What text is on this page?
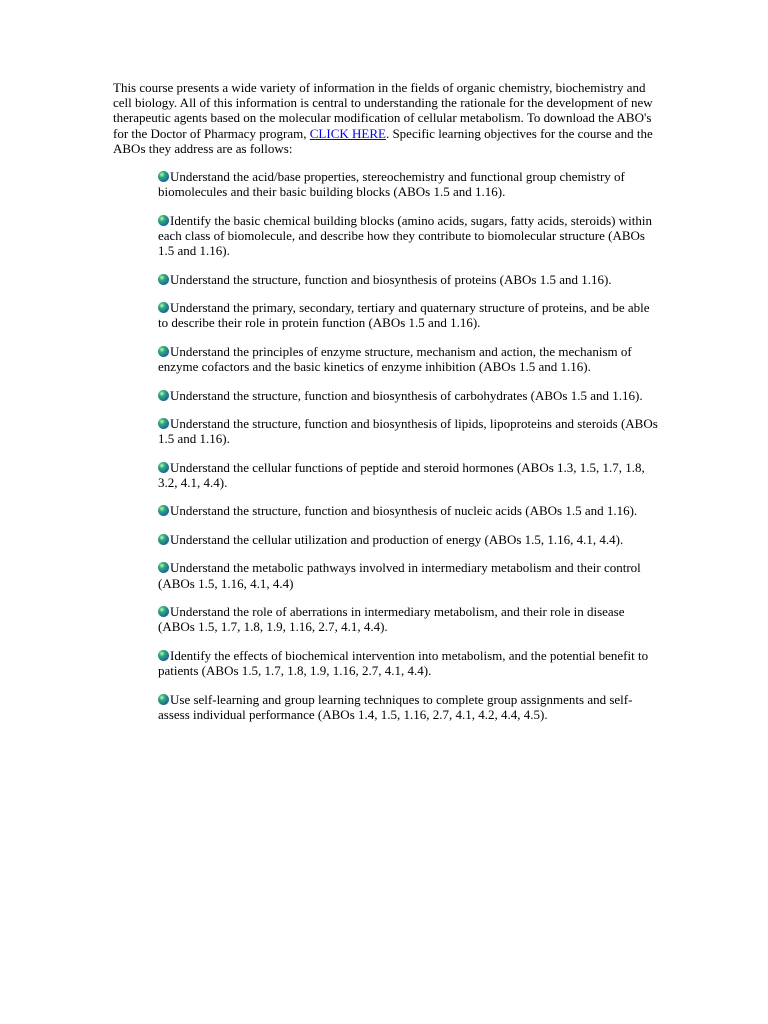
This course presents a wide variety of information in the fields of organic chemistry, biochemistry and cell biology. All of this information is central to understanding the rationale for the development of new therapeutic agents based on the molecular modification of cellular metabolism. To download the ABO's for the Doctor of Pharmacy program, CLICK HERE. Specific learning objectives for the course and the ABOs they address are as follows:

Understand the acid/base properties, stereochemistry and functional group chemistry of biomolecules and their basic building blocks (ABOs 1.5 and 1.16).
Identify the basic chemical building blocks (amino acids, sugars, fatty acids, steroids) within each class of biomolecule, and describe how they contribute to biomolecular structure (ABOs 1.5 and 1.16).
Understand the structure, function and biosynthesis of proteins (ABOs 1.5 and 1.16).
Understand the primary, secondary, tertiary and quaternary structure of proteins, and be able to describe their role in protein function (ABOs 1.5 and 1.16).
Understand the principles of enzyme structure, mechanism and action, the mechanism of enzyme cofactors and the basic kinetics of enzyme inhibition (ABOs 1.5 and 1.16).
Understand the structure, function and biosynthesis of carbohydrates (ABOs 1.5 and 1.16).
Understand the structure, function and biosynthesis of lipids, lipoproteins and steroids (ABOs 1.5 and 1.16).
Understand the cellular functions of peptide and steroid hormones (ABOs 1.3, 1.5, 1.7, 1.8, 3.2, 4.1, 4.4).
Understand the structure, function and biosynthesis of nucleic acids (ABOs 1.5 and 1.16).
Understand the cellular utilization and production of energy (ABOs 1.5, 1.16, 4.1, 4.4).
Understand the metabolic pathways involved in intermediary metabolism and their control (ABOs 1.5, 1.16, 4.1, 4.4)
Understand the role of aberrations in intermediary metabolism, and their role in disease (ABOs 1.5, 1.7, 1.8, 1.9, 1.16, 2.7, 4.1, 4.4).
Identify the effects of biochemical intervention into metabolism, and the potential benefit to patients (ABOs 1.5, 1.7, 1.8, 1.9, 1.16, 2.7, 4.1, 4.4).
Use self-learning and group learning techniques to complete group assignments and self-assess individual performance (ABOs 1.4, 1.5, 1.16, 2.7, 4.1, 4.2, 4.4, 4.5).
